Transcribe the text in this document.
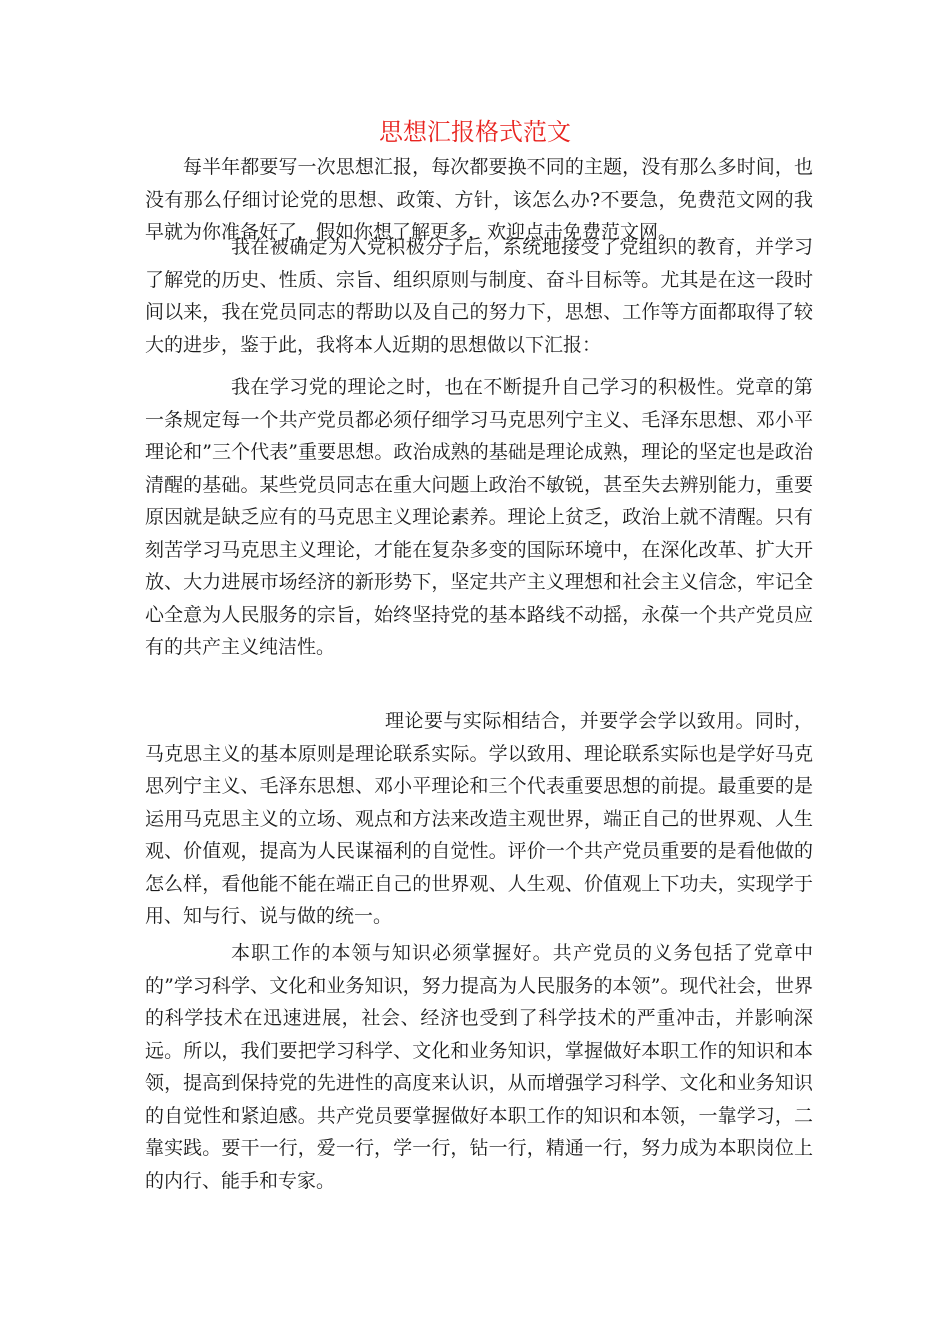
思想汇报格式范文

每半年都要写一次思想汇报，每次都要换不同的主题，没有那么多时间，也没有那么仔细讨论党的思想、政策、方针，该怎么办?不要急，免费范文网的我早就为你准备好了，假如你想了解更多，欢迎点击免费范文网。

我在被确定为入党积极分子后，系统地接受了党组织的教育，并学习了解党的历史、性质、宗旨、组织原则与制度、奋斗目标等。尤其是在这一段时间以来，我在党员同志的帮助以及自己的努力下，思想、工作等方面都取得了较大的进步，鉴于此，我将本人近期的思想做以下汇报：

我在学习党的理论之时，也在不断提升自己学习的积极性。党章的第一条规定每一个共产党员都必须仔细学习马克思列宁主义、毛泽东思想、邓小平理论和”三个代表”重要思想。政治成熟的基础是理论成熟，理论的坚定也是政治清醒的基础。某些党员同志在重大问题上政治不敏锐，甚至失去辨别能力，重要原因就是缺乏应有的马克思主义理论素养。理论上贫乏，政治上就不清醒。只有刻苦学习马克思主义理论，才能在复杂多变的国际环境中，在深化改革、扩大开放、大力进展市场经济的新形势下，坚定共产主义理想和社会主义信念，牢记全心全意为人民服务的宗旨，始终坚持党的基本路线不动摇，永葆一个共产党员应有的共产主义纯洁性。

理论要与实际相结合，并要学会学以致用。同时，马克思主义的基本原则是理论联系实际。学以致用、理论联系实际也是学好马克思列宁主义、毛泽东思想、邓小平理论和三个代表重要思想的前提。最重要的是运用马克思主义的立场、观点和方法来改造主观世界，端正自己的世界观、人生观、价值观，提高为人民谋福利的自觉性。评价一个共产党员重要的是看他做的怎么样，看他能不能在端正自己的世界观、人生观、价值观上下功夫，实现学于用、知与行、说与做的统一。

本职工作的本领与知识必须掌握好。共产党员的义务包括了党章中的”学习科学、文化和业务知识，努力提高为人民服务的本领”。现代社会，世界的科学技术在迅速进展，社会、经济也受到了科学技术的严重冲击，并影响深远。所以，我们要把学习科学、文化和业务知识，掌握做好本职工作的知识和本领，提高到保持党的先进性的高度来认识，从而增强学习科学、文化和业务知识的自觉性和紧迫感。共产党员要掌握做好本职工作的知识和本领，一靠学习，二靠实践。要干一行，爱一行，学一行，钻一行，精通一行，努力成为本职岗位上的内行、能手和专家。
